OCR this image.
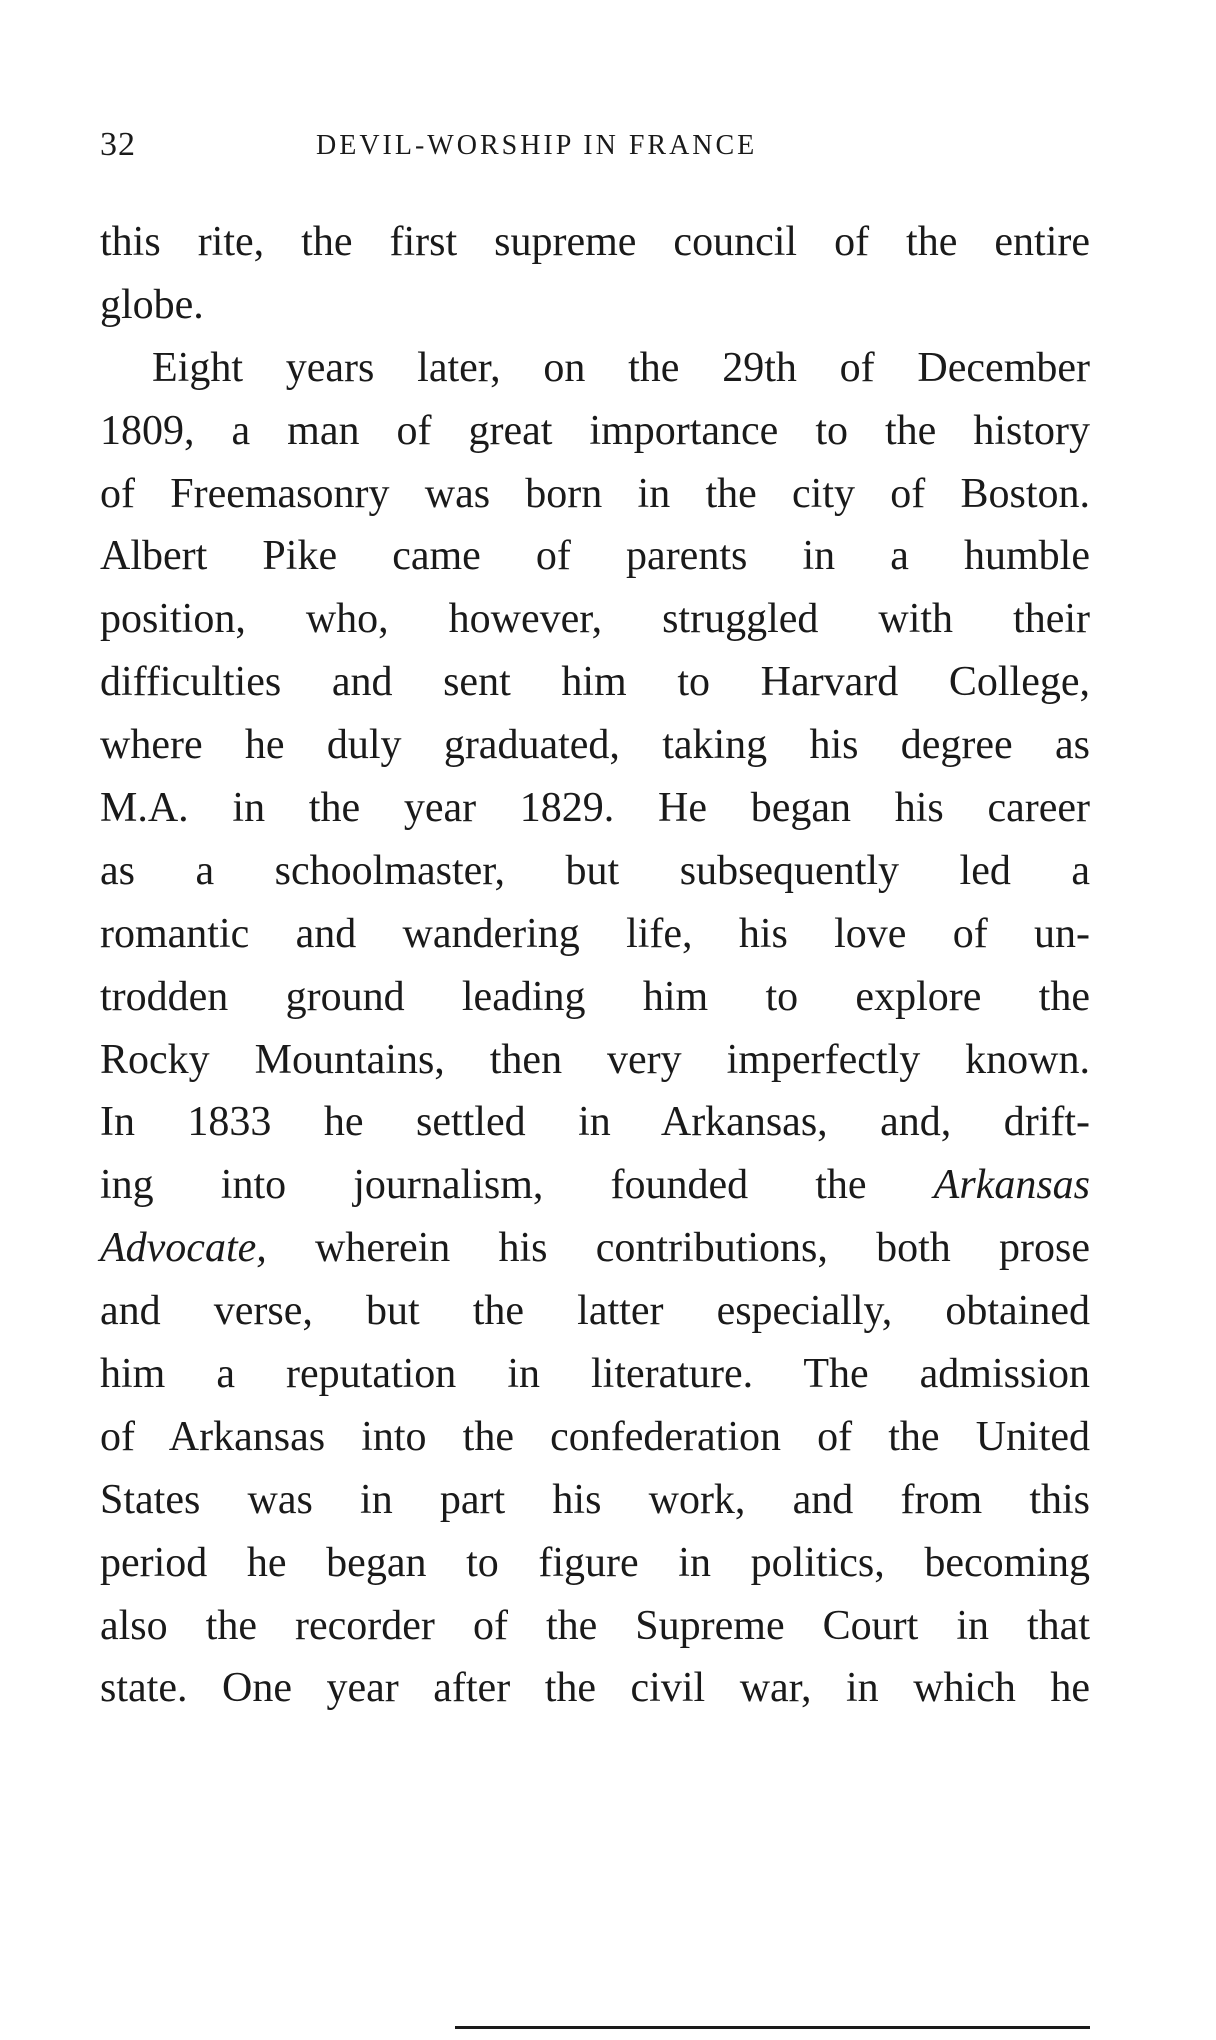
32	DEVIL-WORSHIP IN FRANCE
this rite, the first supreme council of the entire
globe.
Eight years later, on the 29th of December
1809, a man of great importance to the history
of Freemasonry was born in the city of Boston.
Albert Pike came of parents in a humble
position, who, however, struggled with their
difficulties and sent him to Harvard College,
where he duly graduated, taking his degree as
M.A. in the year 1829. He began his career
as a schoolmaster, but subsequently led a
romantic and wandering life, his love of un-
trodden ground leading him to explore the
Rocky Mountains, then very imperfectly known.
In 1833 he settled in Arkansas, and, drift-
ing into journalism, founded the Arkansas
Advocate, wherein his contributions, both prose
and verse, but the latter especially, obtained
him a reputation in literature. The admission
of Arkansas into the confederation of the United
States was in part his work, and from this
period he began to figure in politics, becoming
also the recorder of the Supreme Court in that
state. One year after the civil war, in which he
